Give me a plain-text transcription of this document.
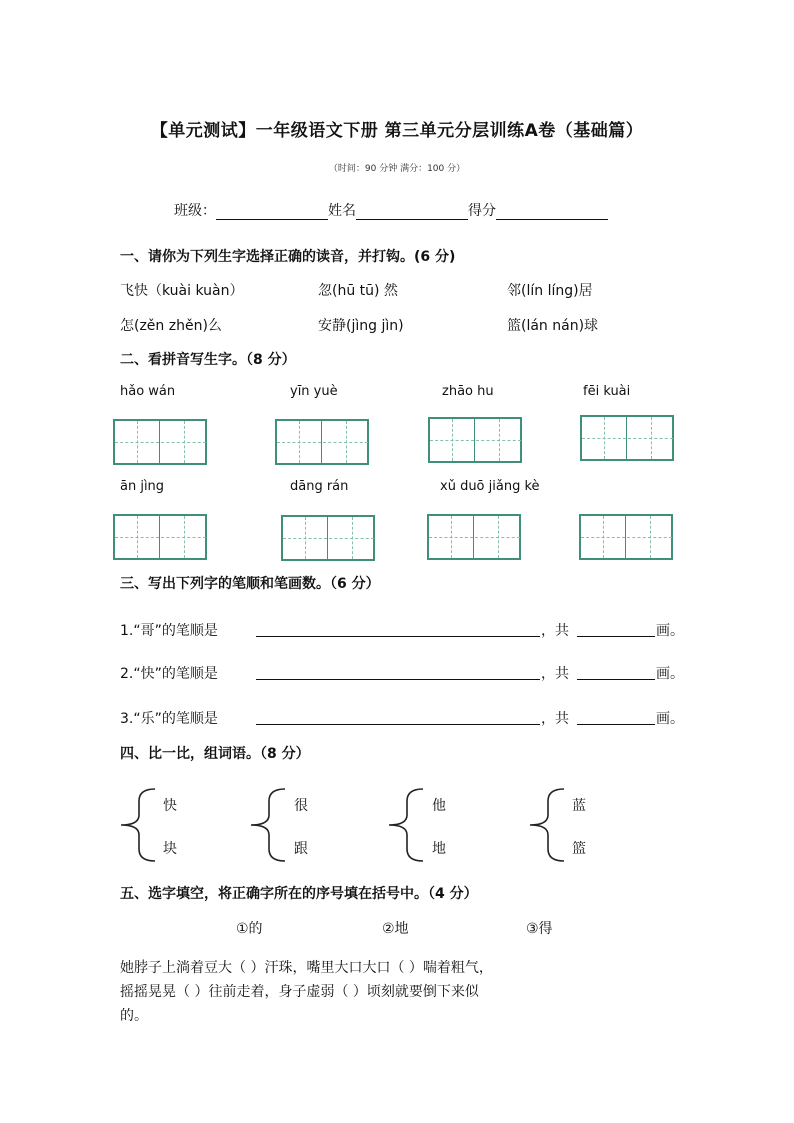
【单元测试】一年级语文下册 第三单元分层训练A卷（基础篇）
（时间：90 分钟 满分：100 分）
班级：	姓名	得分
一、请你为下列生字选择正确的读音，并打钩。(6 分)
飞快（kuài kuàn）	忽(hū tū) 然	邻(lín líng)居
怎(zěn zhěn)么	安静(jìng jìn)	篮(lán nán)球
二、看拼音写生字。（8 分）
hǎo wán	yīn yuè	zhāo hu	fēi kuài
ān jìng	dāng rán	xǔ duō jiǎng kè
三、写出下列字的笔顺和笔画数。（6 分）
1.“哥”的笔顺是	，共	画。
2.“快”的笔顺是	，共	画。
3.“乐”的笔顺是	，共	画。
四、比一比，组词语。（8 分）
快
块
很
跟
他
地
蓝
篮
五、选字填空，将正确字所在的序号填在括号中。（4 分）
①的	②地	③得
她脖子上淌着豆大（ ）汗珠，嘴里大口大口（ ）喘着粗气，
摇摇晃晃（ ）往前走着，身子虚弱（ ）顷刻就要倒下来似
的。
